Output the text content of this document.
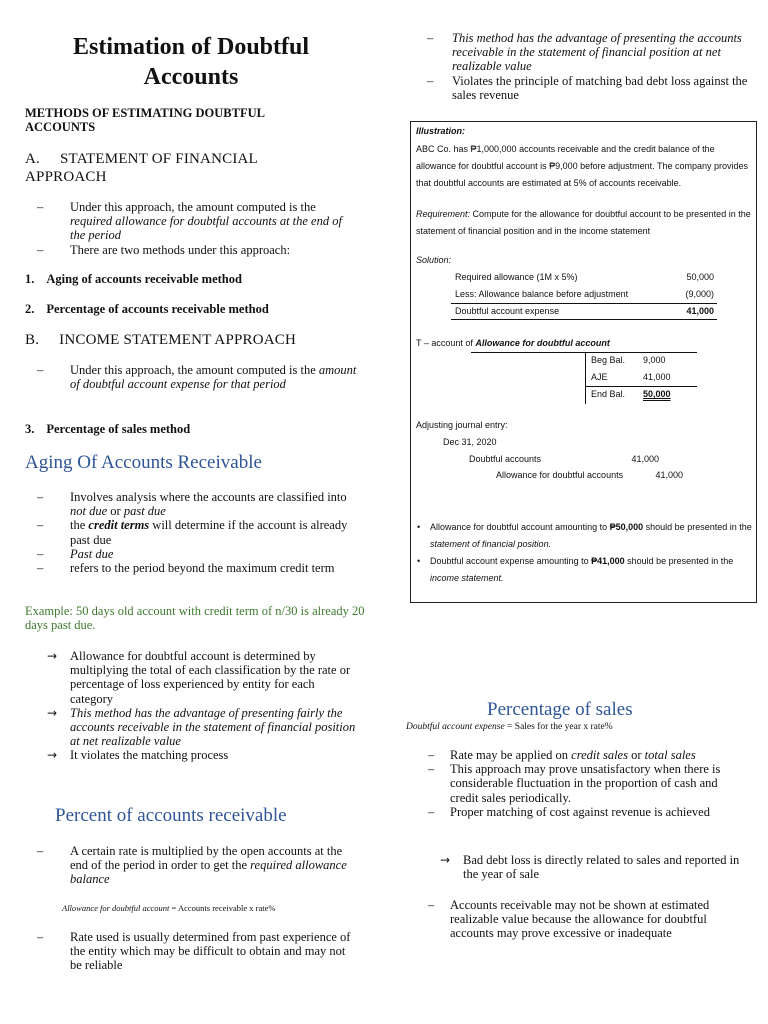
Estimation of Doubtful Accounts
METHODS OF ESTIMATING DOUBTFUL ACCOUNTS
A. STATEMENT OF FINANCIAL APPROACH
– Under this approach, the amount computed is the required allowance for doubtful accounts at the end of the period
– There are two methods under this approach:
1. Aging of accounts receivable method
2. Percentage of accounts receivable method
B. INCOME STATEMENT APPROACH
– Under this approach, the amount computed is the amount of doubtful account expense for that period
3. Percentage of sales method
Aging Of Accounts Receivable
– Involves analysis where the accounts are classified into not due or past due
– the credit terms will determine if the account is already past due
– Past due
– refers to the period beyond the maximum credit term
Example: 50 days old account with credit term of n/30 is already 20 days past due.
→ Allowance for doubtful account is determined by multiplying the total of each classification by the rate or percentage of loss experienced by entity for each category
→ This method has the advantage of presenting fairly the accounts receivable in the statement of financial position at net realizable value
→ It violates the matching process
Percent of accounts receivable
– A certain rate is multiplied by the open accounts at the end of the period in order to get the required allowance balance
Allowance for doubtful account = Accounts receivable x rate%
– Rate used is usually determined from past experience of the entity which may be difficult to obtain and may not be reliable
– This method has the advantage of presenting the accounts receivable in the statement of financial position at net realizable value
– Violates the principle of matching bad debt loss against the sales revenue
Illustration:
ABC Co. has ₱1,000,000 accounts receivable and the credit balance of the allowance for doubtful account is ₱9,000 before adjustment. The company provides that doubtful accounts are estimated at 5% of accounts receivable.
Requirement: Compute for the allowance for doubtful account to be presented in the statement of financial position and in the income statement
Solution:
Required allowance (1M x 5%)	50,000
Less: Allowance balance before adjustment	(9,000)
Doubtful account expense	41,000
T – account of Allowance for doubtful account
Beg Bal. 9,000
AJE	41,000
End Bal. 50,000
Adjusting journal entry:
Dec 31, 2020
Doubtful accounts	41,000
Allowance for doubtful accounts	41,000
• Allowance for doubtful account amounting to ₱50,000 should be presented in the statement of financial position.
• Doubtful account expense amounting to ₱41,000 should be presented in the income statement.
Percentage of sales
Doubtful account expense = Sales for the year x rate%
– Rate may be applied on credit sales or total sales
– This approach may prove unsatisfactory when there is considerable fluctuation in the proportion of cash and credit sales periodically.
– Proper matching of cost against revenue is achieved
→ Bad debt loss is directly related to sales and reported in the year of sale
– Accounts receivable may not be shown at estimated realizable value because the allowance for doubtful accounts may prove excessive or inadequate
